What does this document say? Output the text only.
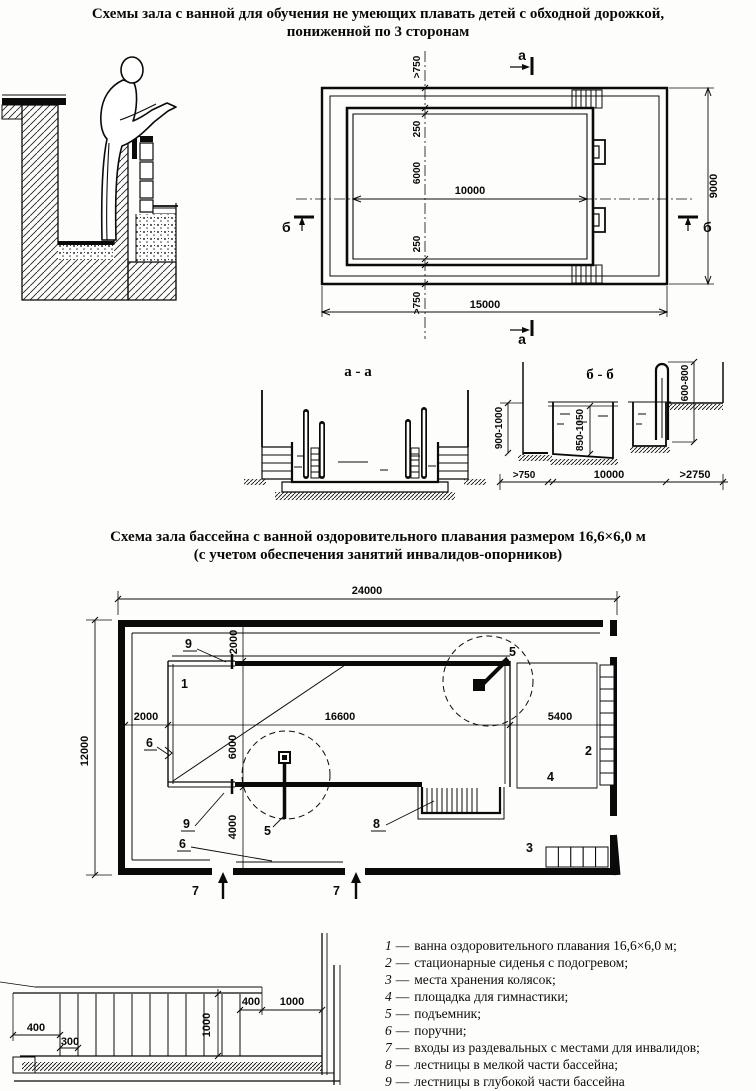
Схемы зала с ванной для обучения не умеющих плавать детей с обходной дорожкой,
пониженной по 3 сторонам
10000
15000
9000
>750
250
6000
250
>750
а
а
б	б
а - а	б - б
900-1000	850-1050
600-800
>750	10000	>2750
Схема зала бассейна с ванной оздоровительного плавания размером 16,6×6,0 м
(с учетом обеспечения занятий инвалидов-опорников)
24000
12000
2000	16600	5400
2000
6000
4000
1
2
3
4
5
5
6
6
7	7
8
9
9
400
300
1000
400 1000
1 — ванна оздоровительного плавания 16,6×6,0 м;
2 — стационарные сиденья с подогревом;
3 — места хранения колясок;
4 — площадка для гимнастики;
5 — подъемник;
6 — поручни;
7 — входы из раздевальных с местами для инвалидов;
8 — лестницы в мелкой части бассейна;
9 — лестницы в глубокой части бассейна
